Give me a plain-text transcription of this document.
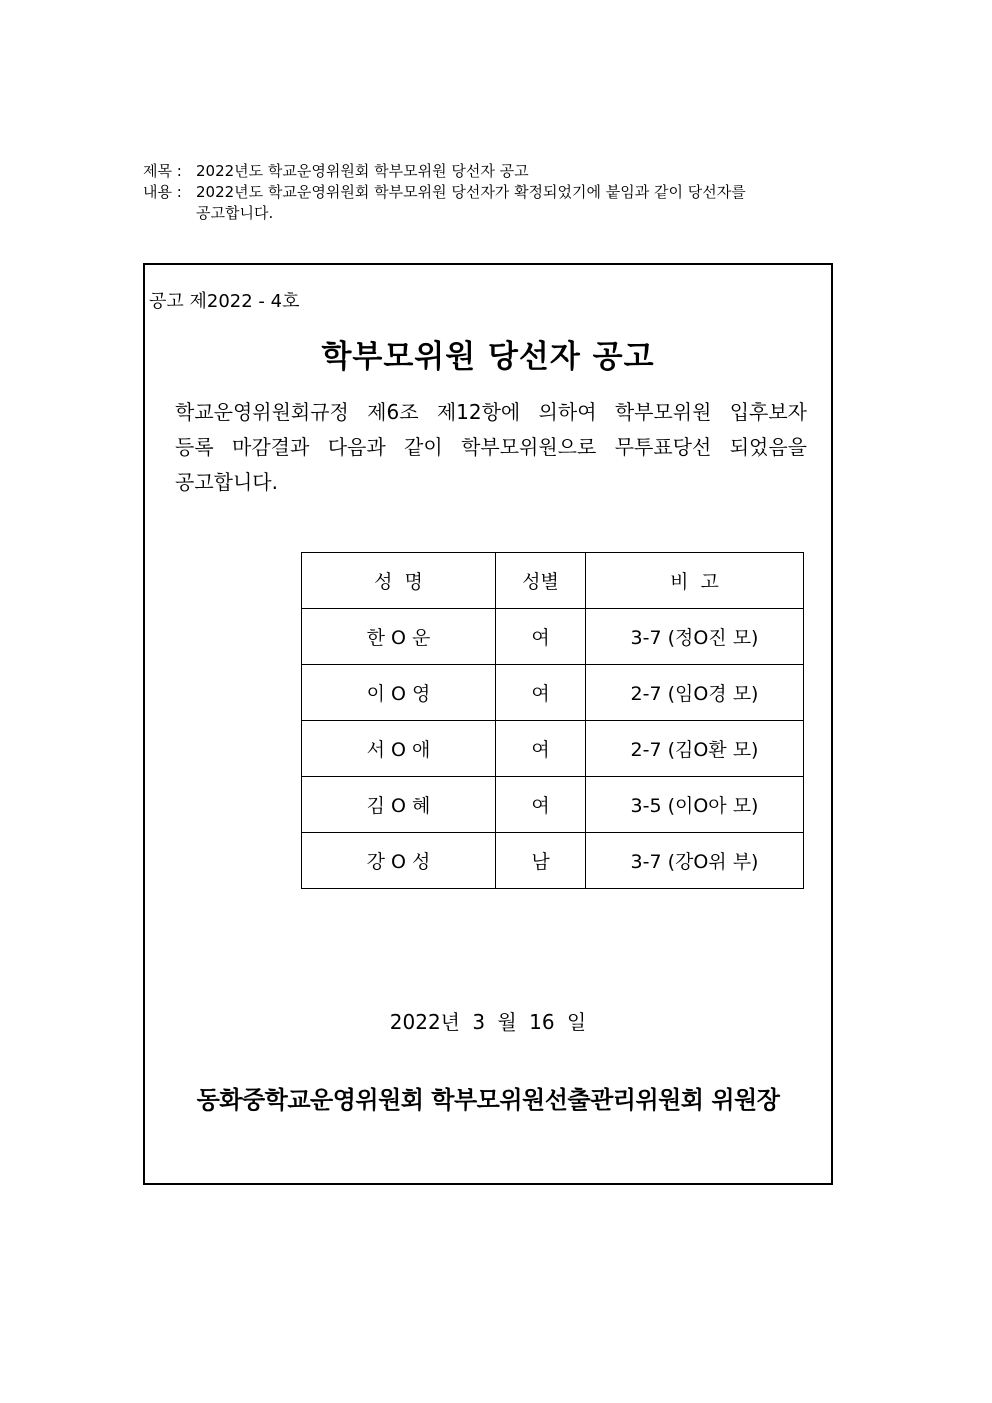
제목 : 2022년도 학교운영위원회 학부모위원 당선자 공고
내용 : 2022년도 학교운영위원회 학부모위원 당선자가 확정되었기에 붙임과 같이 당선자를
공고합니다.
공고 제2022 - 4호
학부모위원 당선자 공고
학교운영위원회규정 제6조 제12항에 의하여 학부모위원 입후보자
등록 마감결과 다음과 같이 학부모위원으로 무투표당선 되었음을
공고합니다.
성  명	성별	비  고
한 O 운	여	3-7 (정O진 모)
이 O 영	여	2-7 (임O경 모)
서 O 애	여	2-7 (김O환 모)
김 O 혜	여	3-5 (이O아 모)
강 O 성	남	3-7 (강O위 부)
2022년 3 월 16 일
동화중학교운영위원회 학부모위원선출관리위원회 위원장
